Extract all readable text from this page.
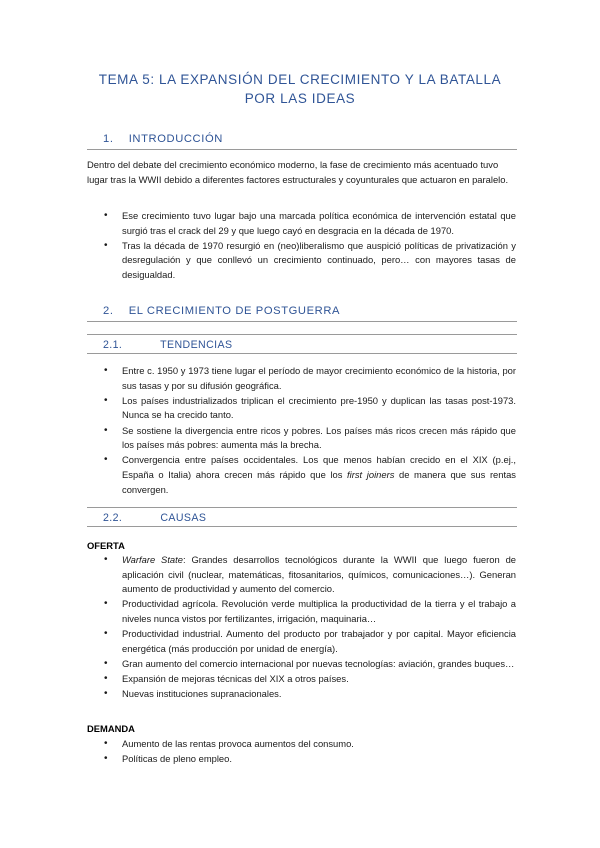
TEMA 5: LA EXPANSIÓN DEL CRECIMIENTO Y LA BATALLA POR LAS IDEAS
1. INTRODUCCIÓN
Dentro del debate del crecimiento económico moderno, la fase de crecimiento más acentuado tuvo lugar tras la WWII debido a diferentes factores estructurales y coyunturales que actuaron en paralelo.
• Ese crecimiento tuvo lugar bajo una marcada política económica de intervención estatal que surgió tras el crack del 29 y que luego cayó en desgracia en la década de 1970.
• Tras la década de 1970 resurgió en (neo)liberalismo que auspició políticas de privatización y desregulación y que conllevó un crecimiento continuado, pero… con mayores tasas de desigualdad.
2. EL CRECIMIENTO DE POSTGUERRA
2.1.	TENDENCIAS
• Entre c. 1950 y 1973 tiene lugar el período de mayor crecimiento económico de la historia, por sus tasas y por su difusión geográfica.
• Los países industrializados triplican el crecimiento pre-1950 y duplican las tasas post-1973. Nunca se ha crecido tanto.
• Se sostiene la divergencia entre ricos y pobres. Los países más ricos crecen más rápido que los países más pobres: aumenta más la brecha.
• Convergencia entre países occidentales. Los que menos habían crecido en el XIX (p.ej., España o Italia) ahora crecen más rápido que los first joiners de manera que sus rentas convergen.
2.2.	CAUSAS
OFERTA
• Warfare State: Grandes desarrollos tecnológicos durante la WWII que luego fueron de aplicación civil (nuclear, matemáticas, fitosanitarios, químicos, comunicaciones…). Generan aumento de productividad y aumento del comercio.
• Productividad agrícola. Revolución verde multiplica la productividad de la tierra y el trabajo a niveles nunca vistos por fertilizantes, irrigación, maquinaria…
• Productividad industrial. Aumento del producto por trabajador y por capital. Mayor eficiencia energética (más producción por unidad de energía).
• Gran aumento del comercio internacional por nuevas tecnologías: aviación, grandes buques…
• Expansión de mejoras técnicas del XIX a otros países.
• Nuevas instituciones supranacionales.
DEMANDA
• Aumento de las rentas provoca aumentos del consumo.
• Políticas de pleno empleo.
